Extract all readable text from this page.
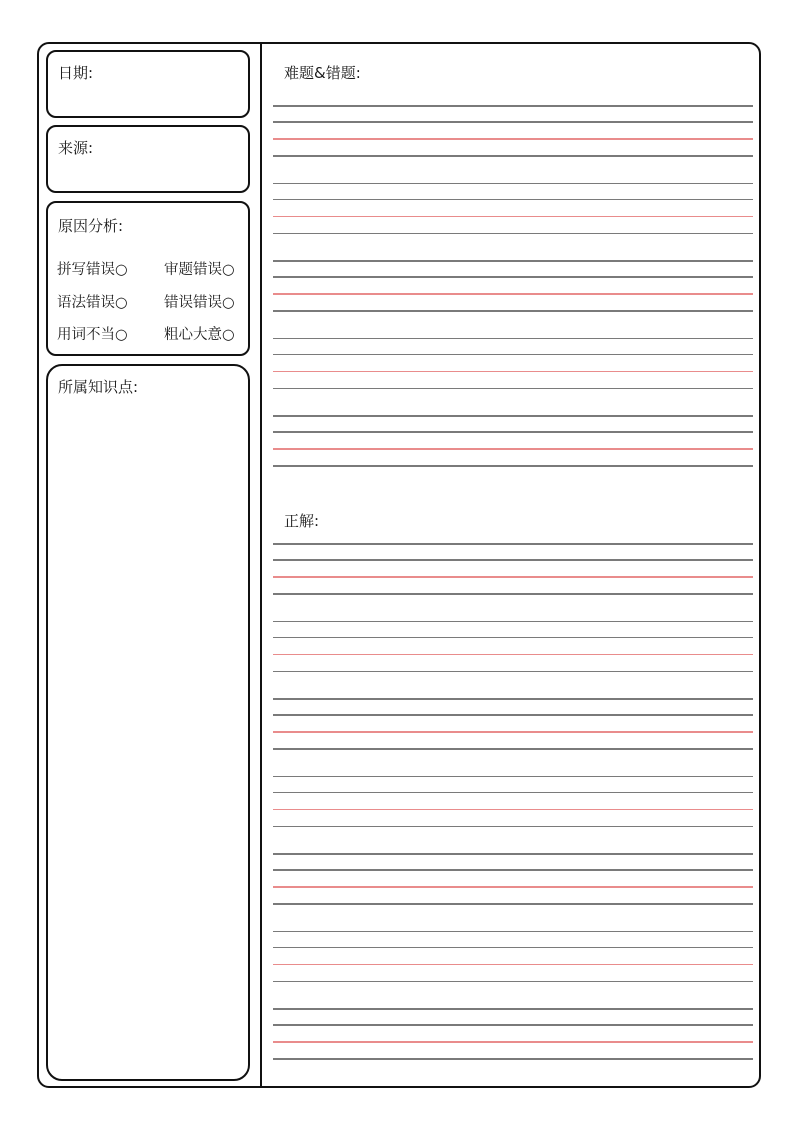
日期:
来源:
原因分析:
拼写错误○	审题错误○
语法错误○	错误错误○
用词不当○	粗心大意○
所属知识点:
难题&错题:
正解:
